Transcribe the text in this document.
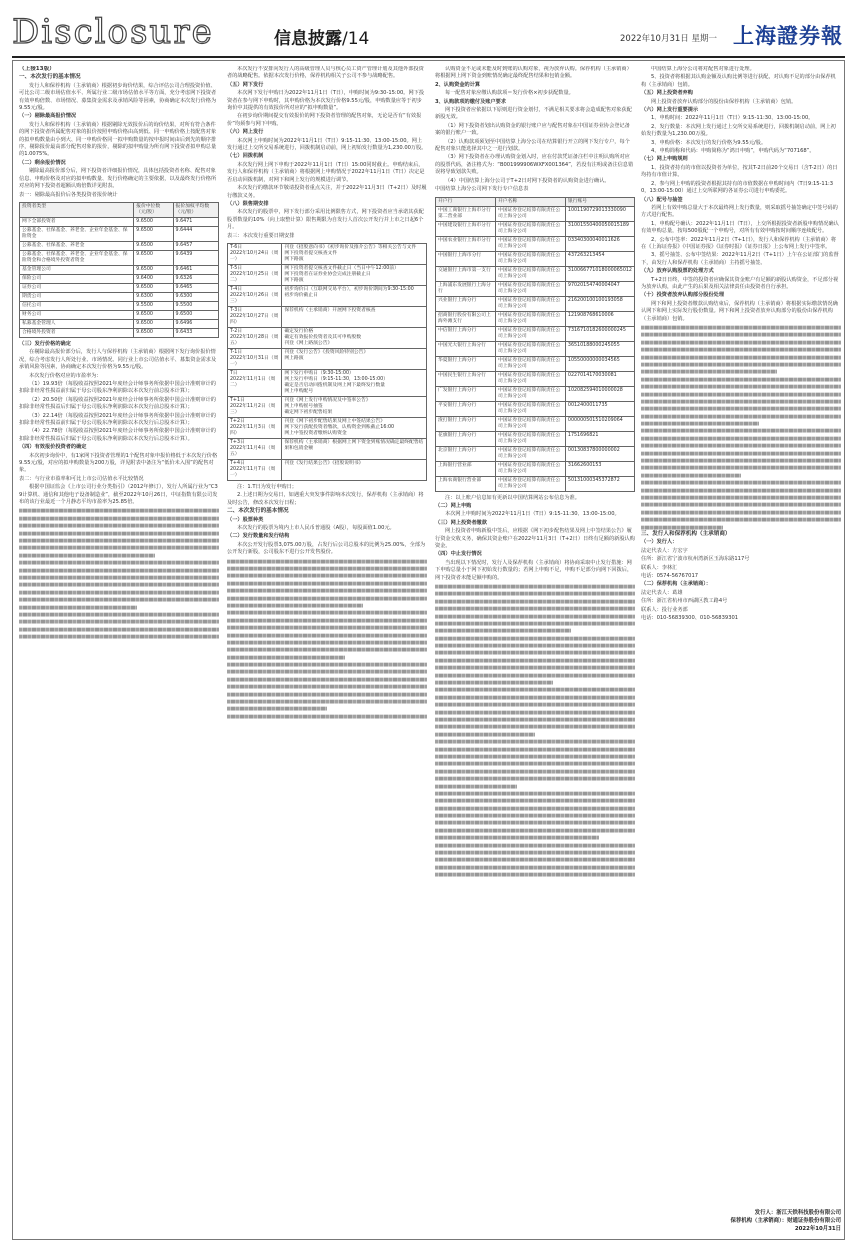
Disclosure	信息披露/14	2022年10月31日 星期一 上海證券報

（上接13版）

一、本次发行的基本情况

发行人和保荐机构（主承销商）根据初步询价结果，综合评估公司合理投资价值、可比公司二级市场估值水平、所属行业二级市场估值水平等方面，充分考虑网下投资者有效申购倍数、市场情况、募集资金需求及承销风险等因素，协商确定本次发行价格为9.55元/股。

（一）剔除最高报价情况

发行人和保荐机构（主承销商）根据剔除无效报价后的询价结果，对所有符合条件的网下投资者所属配售对象的报价按照申购价格由高到低、同一申购价格上按配售对象的拟申购数量由小到大、同一申购价格同一拟申购数量的按申报时间由后到先的顺序排序，剔除报价最高部分配售对象的报价，剔除的拟申购量为所有网下投资者拟申购总量的1.0075%。

（二）剩余报价情况

剔除最高报价部分后，网下投资者详细报价情况，具体包括投资者名称、配售对象信息、申购价格及对应的拟申购数量、发行价格确定的主要依据，以及最终发行价格所对应的网下投资者超额认购倍数详见附表。

表一：剔除最高报价后各类投资者报价统计

投资者类型	报价中位数（元/股）	报价加权平均数（元/股）
网下全部投资者	9.6500	9.6471
公募基金、社保基金、养老金、企业年金基金、保险资金	9.6500	9.6444
公募基金、社保基金、养老金	9.6500	9.6457
公募基金、社保基金、养老金、企业年金基金、保险资金和合格境外投资者资金	9.6500	9.6439
基金管理公司	9.6500	9.6461
保险公司	9.6400	9.6326
证券公司	9.6500	9.6465
期货公司	9.6300	9.6300
信托公司	9.5500	9.5500
财务公司	9.6500	9.6500
私募基金管理人	9.6500	9.6496
合格境外投资者	9.6500	9.6433

（三）发行价格的确定

在剔除最高报价部分后，发行人与保荐机构（主承销商）根据网下发行询价报价情况，综合考虑发行人所处行业、市场情况、同行业上市公司估值水平、募集资金需求及承销风险等因素，协商确定本次发行价格为9.55元/股。

本次发行价格对应的市盈率为：

（1）19.93倍（每股收益按照2021年度经会计师事务所依据中国会计准则审计的扣除非经常性损益前归属于母公司股东净利润除以本次发行前总股本计算）；

（2）20.50倍（每股收益按照2021年度经会计师事务所依据中国会计准则审计的扣除非经常性损益后归属于母公司股东净利润除以本次发行前总股本计算）；

（3）22.14倍（每股收益按照2021年度经会计师事务所依据中国会计准则审计的扣除非经常性损益前归属于母公司股东净利润除以本次发行后总股本计算）；

（4）22.78倍（每股收益按照2021年度经会计师事务所依据中国会计准则审计的扣除非经常性损益后归属于母公司股东净利润除以本次发行后总股本计算）。

（四）有效报价投资者的确定

本次初步询价中，有1家网下投资者管理的1个配售对象申报价格低于本次发行价格9.55元/股，对应的拟申购数量为200万股，详见附表中备注为“低价未入围”的配售对象。

表二：与行业市盈率和可比上市公司估值水平比较情况

根据中国证监会《上市公司行业分类指引》（2012年修订），发行人所属行业为“C39计算机、通信和其他电子设备制造业”，截至2022年10月26日，中证指数有限公司发布的该行业最近一个月静态平均市盈率为25.85倍。

本次发行不安排向发行人的高级管理人员与核心员工资产管理计划及其他外部投资者的战略配售。依据本次发行价格，保荐机构相关子公司不参与战略配售。

（五）网下发行

本次网下发行申购日为2022年11月1日（T日），申购时间为9:30-15:00。网下投资者在参与网下申购时，其申购价格为本次发行价格9.55元/股，申购数量应等于初步询价中其提供的有效报价所对应的“拟申购数量”。

在初步询价期间提交有效报价的网下投资者管理的配售对象，无论是否有“有效报价”均须参与网下申购。

（六）网上发行

本次网上申购时间为2022年11月1日（T日）9:15-11:30、13:00-15:00。网上发行通过上交所交易系统进行，回拨机制启动前，网上初始发行数量为1,230.00万股。

（七）回拨机制

本次发行网上网下申购于2022年11月1日（T日）15:00同时截止。申购结束后，发行人和保荐机构（主承销商）将根据网上申购情况于2022年11月1日（T日）决定是否启动回拨机制，对网下和网上发行的规模进行调节。

本次发行的缴款环节敬请投资者重点关注，并于2022年11月3日（T+2日）及时履行缴款义务。

（八）限售期安排

本次发行的股票中，网下发行部分采用比例限售方式，网下投资者应当承诺其获配股票数量的10%（向上取整计算）限售期限为自发行人首次公开发行并上市之日起6个月。

表三：本次发行重要日期安排

T-6日
2022年10月24日（周一）	刊登《招股意向书》《初步询价及推介公告》等相关公告与文件
网下投资者提交核查文件
网下路演
T-5日
2022年10月25日（周二）	网下投资者提交核查文件截止日（当日中午12:00前）
网下投资者在证券业协会完成注册截止日
网下路演
T-4日
2022年10月26日（周三）	初步询价日（互联网交易平台），初步询价期间为9:30-15:00
初步询价截止日
T-3日
2022年10月27日（周四）	保荐机构（主承销商）开展网下投资者核查
T-2日
2022年10月28日（周五）	确定发行价格
确定有效报价投资者及其可申购股数
刊登《网上路演公告》
T-1日
2022年10月31日（周一）	刊登《发行公告》《投资风险特别公告》
网上路演
T日
2022年11月1日（周二）	网下发行申购日（9:30-15:00）
网上发行申购日（9:15-11:30，13:00-15:00）
确定是否启动回拨机制及网上网下最终发行数量
网上申购配号
T+1日
2022年11月2日（周三）	刊登《网上发行申购情况及中签率公告》
网上申购摇号抽签
确定网下初步配售结果
T+2日
2022年11月3日（周四）	刊登《网下初步配售结果及网上中签结果公告》
网下发行获配投资者缴款，认购资金到账截止16:00
网上中签投资者缴纳认购资金
T+3日
2022年11月4日（周五）	保荐机构（主承销商）根据网上网下资金到账情况确定最终配售结果和包销金额
T+4日
2022年11月7日（周一）	刊登《发行结果公告》《招股说明书》

注：1.T日为发行申购日；

2.上述日期为交易日，如遇重大突发事件影响本次发行，保荐机构（主承销商）将及时公告，修改本次发行日程；

二、本次发行的基本情况

（一）股票种类

本次发行的股票为境内上市人民币普通股（A股），每股面值1.00元。

（二）发行数量和发行结构

本次公开发行股票3,075.00万股，占发行后公司总股本的比例为25.00%，全部为公开发行新股，公司股东不进行公开发售股份。

认购资金不足或未能及时到账的认购对象，视为放弃认购。保荐机构（主承销商）将根据网上网下资金到账情况确定最终配售结果和包销金额。

2、认购资金的计算

每一配售对象应缴认购款项＝发行价格×初步获配数量。

3、认购款项的缴付及账户要求

网下投资者应依据以下原则进行资金划付，不满足相关要求将会造成配售对象获配新股无效。

（1）网下投资者划出认购资金的银行账户应与配售对象在中国证券业协会登记备案的银行账户一致。

（2）认购款项须划至中国结算上海分公司在结算银行开立的网下发行专户，每个配售对象只能选择其中之一进行划款。

（3）网下投资者在办理认购资金划入时，应在付款凭证备注栏中注明认购所对应的股票代码，备注格式为：“B001999906WXFX001364”，若没有注明或备注信息错误将导致划款失败。

（4）中国结算上海分公司于T+2日对网下投资者的认购资金进行确认。

中国结算上海分公司网下发行专户信息表

开户行	开户名称	银行账号
中国工商银行上海市分行第二营业部	中国证券登记结算有限责任公司上海分公司	1001190729013330090
中国建设银行上海市分行	中国证券登记结算有限责任公司上海分公司	31001550400050015189
中国农业银行上海市分行	中国证券登记结算有限责任公司上海分公司	03340300040011626
中国银行上海市分行	中国证券登记结算有限责任公司上海分公司	437263213454
交通银行上海市第一支行	中国证券登记结算有限责任公司上海分公司	310066771018000065012
上海浦东发展银行上海分行	中国证券登记结算有限责任公司上海分公司	97020154740004047
兴业银行上海分行	中国证券登记结算有限责任公司上海分公司	216200100100193058
招商银行股份有限公司上海外滩支行	中国证券登记结算有限责任公司上海分公司	121908768610006
中信银行上海分行	中国证券登记结算有限责任公司上海分公司	7316710182600000245
中国光大银行上海分行	中国证券登记结算有限责任公司上海分公司	36510188000245055
华夏银行上海分行	中国证券登记结算有限责任公司上海分公司	10550000000034565
中国民生银行上海分行	中国证券登记结算有限责任公司上海分公司	0227014170030081
广发银行上海分行	中国证券登记结算有限责任公司上海分公司	102082594010000028
平安银行上海分行	中国证券登记结算有限责任公司上海分公司	0012400011735
渣打银行上海分行	中国证券登记结算有限责任公司上海分公司	000000501510209064
花旗银行上海分行	中国证券登记结算有限责任公司上海分公司	1751696821
北京银行上海分行	中国证券登记结算有限责任公司上海分公司	00130837800000002
上海银行营业部	中国证券登记结算有限责任公司上海分公司	31662600153
上海农商银行营业部	中国证券登记结算有限责任公司上海分公司	50131000345372872

注：以上账户信息如有更新以中国结算网站公布信息为准。

（二）网上申购

本次网上申购时间为2022年11月1日（T日）9:15-11:30、13:00-15:00。

（三）网上投资者缴款

网上投资者申购新股中签后，应根据《网下初步配售结果及网上中签结果公告》履行资金交收义务，确保其资金账户在2022年11月3日（T+2日）日终有足额的新股认购资金。

（四）中止发行情况

当出现以下情况时，发行人及保荐机构（主承销商）将协商采取中止发行措施：网下申购总量小于网下初始发行数量的；若网上申购不足，申购不足部分向网下回拨后，网下投资者未能足额申购的。

中国结算上海分公司将对配售对象进行处理。

5、投资者将根据其认购金额及认购比例等进行获配，对认购不足的部分由保荐机构（主承销商）包销。

（五）网上投资者弃购

网上投资者放弃认购部分的股份由保荐机构（主承销商）包销。

（六）网上发行重要提示

1、申购时间：2022年11月1日（T日）9:15-11:30、13:00-15:00。

2、发行数量：本次网上发行通过上交所交易系统进行，回拨机制启动前，网上初始发行数量为1,230.00万股。

3、申购价格：本次发行的发行价格为9.55元/股。

4、申购简称和代码：申购简称为“鸿日申购”，申购代码为“707168”。

（七）网上申购规则

1、投资者持有的市值以投资者为单位，按其T-2日前20个交易日（含T-2日）的日均持有市值计算。

2、参与网上申购的投资者根据其持有的市值数据在申购时间内（T日9:15-11:30，13:00-15:00）通过上交所联网的各证券公司进行申购委托。

（八）配号与抽签

若网上有效申购总量大于本次最终网上发行数量，则采取摇号抽签确定中签号码的方式进行配售。

1、申购配号确认：2022年11月1日（T日），上交所根据投资者新股申购情况确认有效申购总量，按每500股配一个申购号，对所有有效申购按时间顺序连续配号。

2、公布中签率：2022年11月2日（T+1日），发行人和保荐机构（主承销商）将在《上海证券报》《中国证券报》《证券时报》《证券日报》上公布网上发行中签率。

3、摇号抽签、公布中签结果：2022年11月2日（T+1日）上午在公证部门的监督下，由发行人和保荐机构（主承销商）主持摇号抽签。

（九）放弃认购股票的处理方式

T+2日日终，中签的投资者应确保其资金账户有足额的新股认购资金，不足部分视为放弃认购，由此产生的后果及相关法律责任由投资者自行承担。

（十）投资者放弃认购部分股份处理

网下和网上投资者缴款认购结束后，保荐机构（主承销商）将根据实际缴款情况确认网下和网上实际发行股份数量。网下和网上投资者放弃认购部分的股份由保荐机构（主承销商）包销。

三、发行人和保荐机构（主承销商）

（一）发行人：

法定代表人：方宏宇

住所：浙江省宁波市杭州湾新区玉海东路117号

联系人：李林汇

电话：0574-56767017

（二）保荐机构（主承销商）：

法定代表人：葛雄

住所：浙江省杭州市西湖区教工路4号

联系人：投行业务部

电话：010-56839300、010-56839301

发行人：浙江天铁科技股份有限公司
保荐机构（主承销商）：财通证券股份有限公司
2022年10月31日
